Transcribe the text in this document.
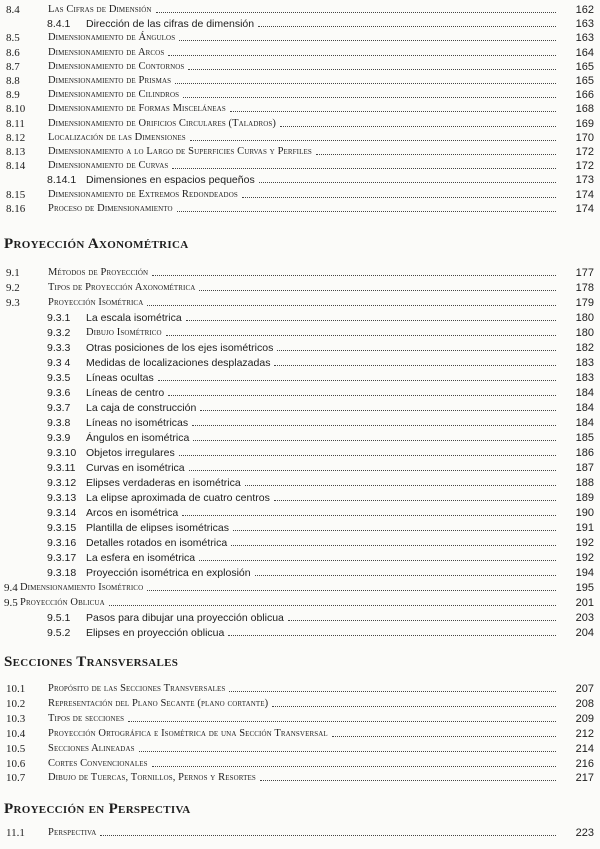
8.4	Las Cifras de Dimensión	162
8.4.1 Dirección de las cifras de dimensión	163
8.5	Dimensionamiento de Ángulos	163
8.6	Dimensionamiento de Arcos	164
8.7	Dimensionamiento de Contornos	165
8.8	Dimensionamiento de Prismas	165
8.9	Dimensionamiento de Cilindros	166
8.10 Dimensionamiento de Formas Misceláneas	168
8.11 Dimensionamiento de Orificios Circulares (Taladros)	169
8.12 Localización de las Dimensiones	170
8.13 Dimensionamiento a lo Largo de Superficies Curvas y Perfiles	172
8.14 Dimensionamiento de Curvas	172
8.14.1 Dimensiones en espacios pequeños	173
8.15 Dimensionamiento de Extremos Redondeados	174
8.16 Proceso de Dimensionamiento	174
Proyección Axonométrica
9.1	Métodos de Proyección	177
9.2	Tipos de Proyección Axonométrica	178
9.3	Proyección Isométrica	179
9.3.1 La escala isométrica	180
9.3.2 Dibujo Isométrico	180
9.3.3 Otras posiciones de los ejes isométricos	182
9.3 4 Medidas de localizaciones desplazadas	183
9.3.5 Líneas ocultas	183
9.3.6 Líneas de centro	184
9.3.7 La caja de construcción	184
9.3.8 Líneas no isométricas	184
9.3.9 Ángulos en isométrica	185
9.3.10 Objetos irregulares	186
9.3.11 Curvas en isométrica	187
9.3.12 Elipses verdaderas en isométrica	188
9.3.13 La elipse aproximada de cuatro centros	189
9.3.14 Arcos en isométrica	190
9.3.15 Plantilla de elipses isométricas	191
9.3.16 Detalles rotados en isométrica	192
9.3.17 La esfera en isométrica	192
9.3.18 Proyección isométrica en explosión	194
9.4 Dimensionamiento Isométrico	195
9.5 Proyección Oblicua	201
9.5.1 Pasos para dibujar una proyección oblicua	203
9.5.2 Elipses en proyección oblicua	204
Secciones Transversales
10.1 Propósito de las Secciones Transversales	207
10.2 Representación del Plano Secante (plano cortante)	208
10.3 Tipos de secciones	209
10.4 Proyección Ortográfica e Isométrica de una Sección Transversal	212
10.5 Secciones Alineadas	214
10.6 Cortes Convencionales	216
10.7 Dibujo de Tuercas, Tornillos, Pernos y Resortes	217
Proyección en Perspectiva
11.1 Perspectiva	223
